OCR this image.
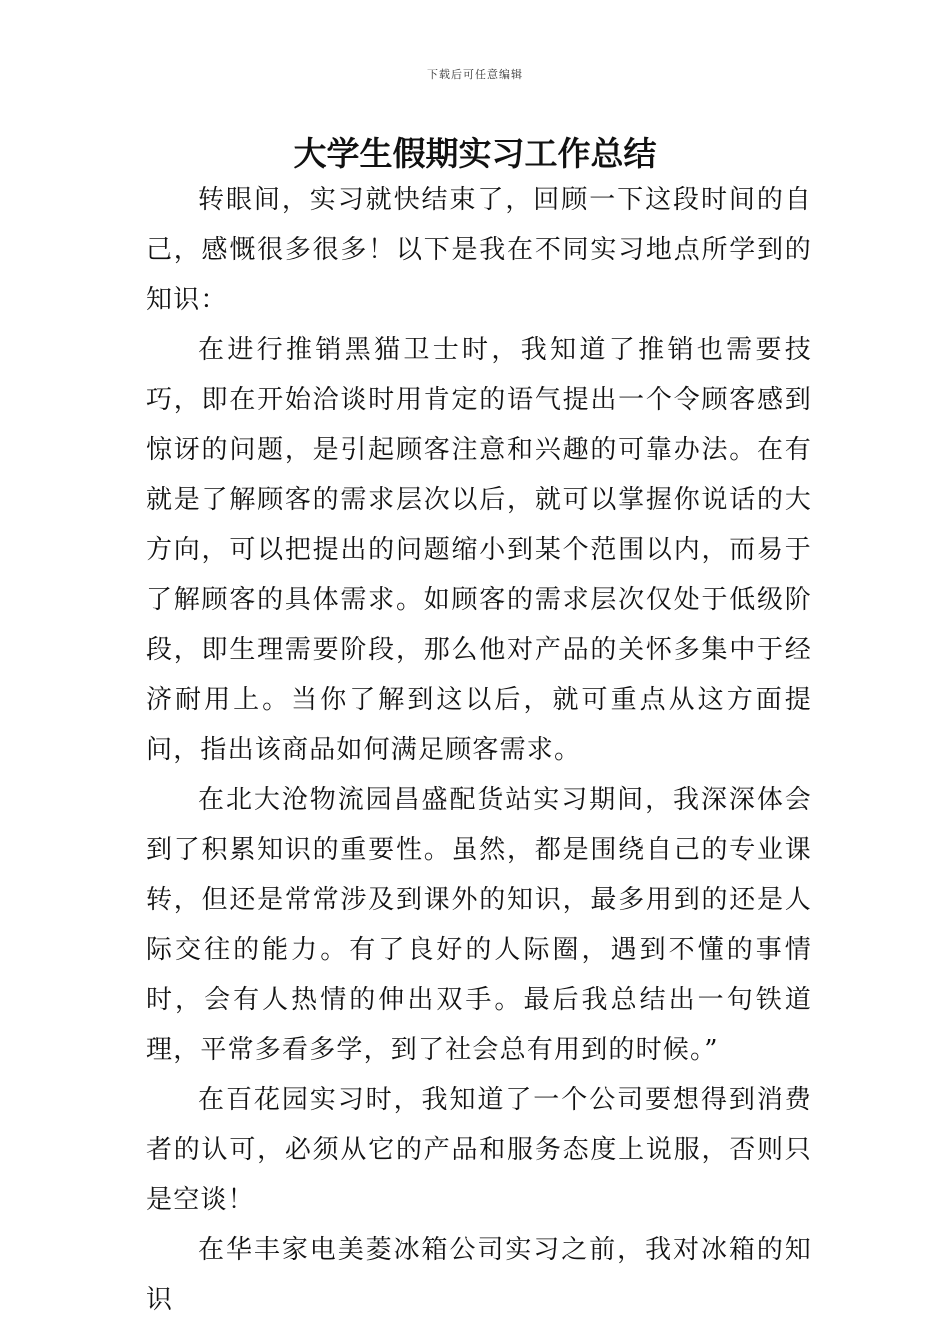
下载后可任意编辑
大学生假期实习工作总结

转眼间，实习就快结束了，回顾一下这段时间的自己，感慨很多很多！以下是我在不同实习地点所学到的知识：

在进行推销黑猫卫士时，我知道了推销也需要技巧，即在开始洽谈时用肯定的语气提出一个令顾客感到惊讶的问题，是引起顾客注意和兴趣的可靠办法。在有就是了解顾客的需求层次以后，就可以掌握你说话的大方向，可以把提出的问题缩小到某个范围以内，而易于了解顾客的具体需求。如顾客的需求层次仅处于低级阶段，即生理需要阶段，那么他对产品的关怀多集中于经济耐用上。当你了解到这以后，就可重点从这方面提问，指出该商品如何满足顾客需求。

在北大沧物流园昌盛配货站实习期间，我深深体会到了积累知识的重要性。虽然，都是围绕自己的专业课转，但还是常常涉及到课外的知识，最多用到的还是人际交往的能力。有了良好的人际圈，遇到不懂的事情时，会有人热情的伸出双手。最后我总结出一句铁道理，平常多看多学，到了社会总有用到的时候。”

在百花园实习时，我知道了一个公司要想得到消费者的认可，必须从它的产品和服务态度上说服，否则只是空谈！

在华丰家电美菱冰箱公司实习之前，我对冰箱的知识
